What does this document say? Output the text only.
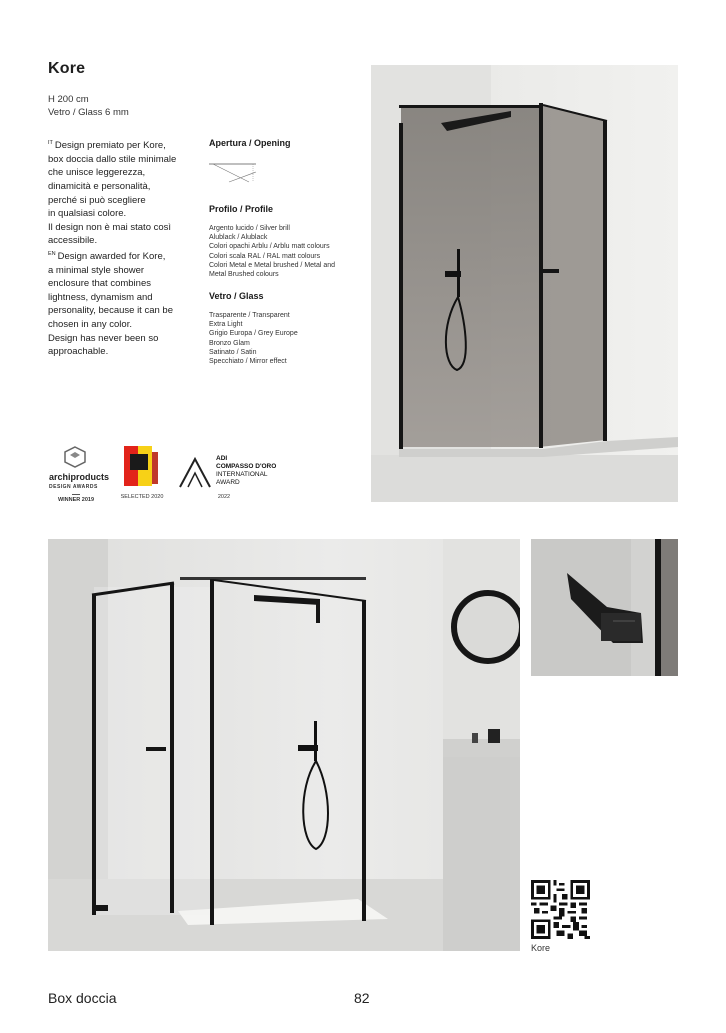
Kore
H 200 cm
Vetro / Glass 6 mm

$^{IT}$ Design premiato per Kore,
box doccia dallo stile minimale
che unisce leggerezza,
dinamicità e personalità,
perché si può scegliere
in qualsiasi colore.
Il design non è mai stato così
accessibile.

$^{EN}$ Design awarded for Kore,
a minimal style shower
enclosure that combines
lightness, dynamism and
personality, because it can be
chosen in any color.
Design has never been so
approachable.

Apertura / Opening
Profilo / Profile
Argento lucido / Silver brill
Alublack / Alublack
Colori opachi Arblu / Arblu matt colours
Colori scala RAL / RAL matt colours
Colori Metal e Metal brushed / Metal and
Metal Brushed colours
Vetro / Glass
Trasparente / Transparent
Extra Light
Grigio Europa / Grey Europe
Bronzo Glam
Satinato / Satin
Specchiato / Mirror effect
archiproducts
DESIGN AWARDS
WINNER 2019	SELECTED 2020
ADI
COMPASSO D'ORO
INTERNATIONAL
AWARD
2022
Kore
Box doccia	82
